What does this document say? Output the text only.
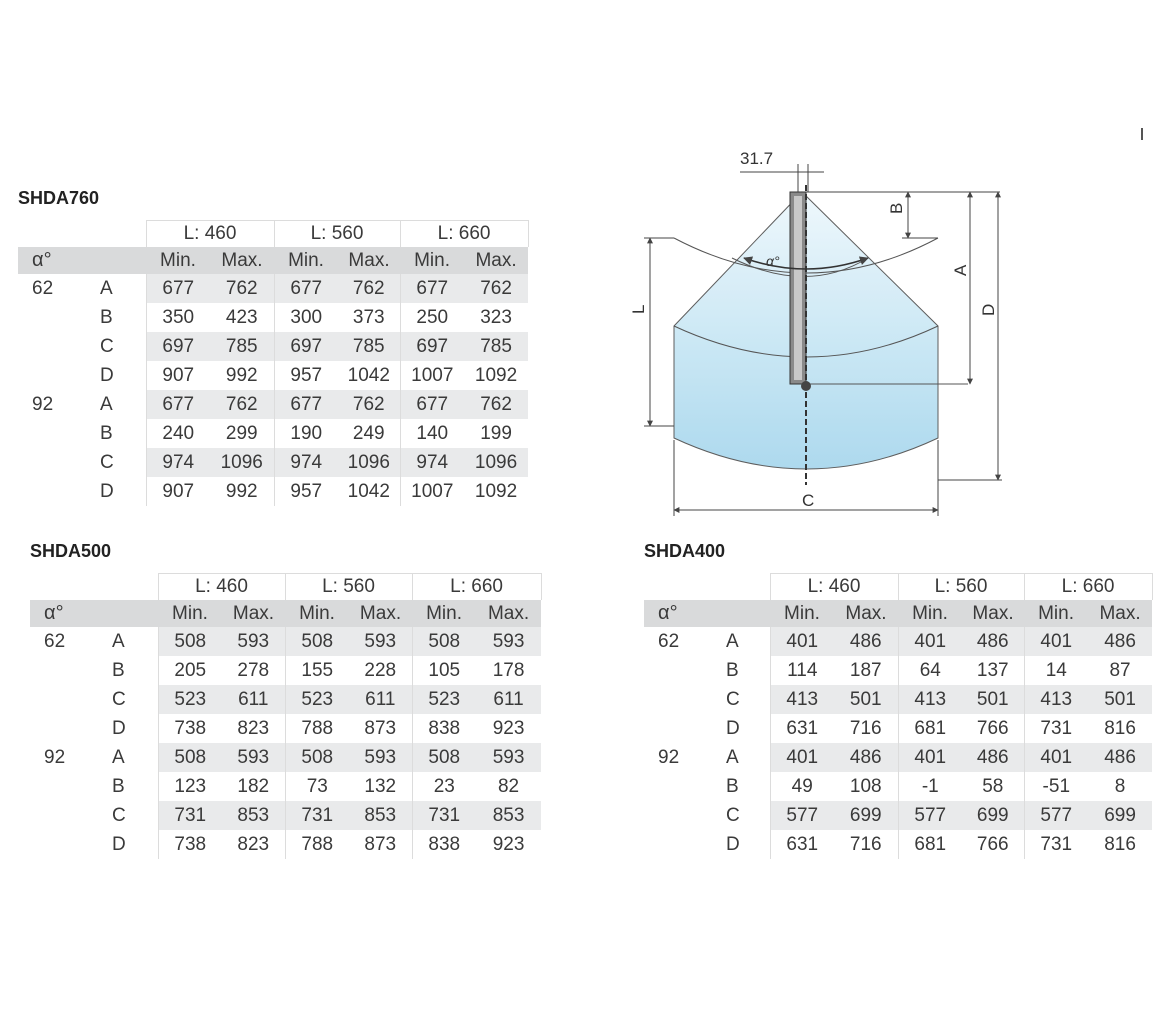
SHDA760
		L: 460		L: 560		L: 660	
α°		Min.	Max.	Min.	Max.	Min.	Max.
62	A	677	762	677	762	677	762
	B	350	423	300	373	250	323
	C	697	785	697	785	697	785
	D	907	992	957	1042	1007	1092
92	A	677	762	677	762	677	762
	B	240	299	190	249	140	199
	C	974	1096	974	1096	974	1096
	D	907	992	957	1042	1007	1092
SHDA500
		L: 460		L: 560		L: 660	
α°		Min.	Max.	Min.	Max.	Min.	Max.
62	A	508	593	508	593	508	593
	B	205	278	155	228	105	178
	C	523	611	523	611	523	611
	D	738	823	788	873	838	923
92	A	508	593	508	593	508	593
	B	123	182	73	132	23	82
	C	731	853	731	853	731	853
	D	738	823	788	873	838	923
SHDA400
		L: 460		L: 560		L: 660	
α°		Min.	Max.	Min.	Max.	Min.	Max.
62	A	401	486	401	486	401	486
	B	114	187	64	137	14	87
	C	413	501	413	501	413	501
	D	631	716	681	766	731	816
92	A	401	486	401	486	401	486
	B	49	108	-1	58	-51	8
	C	577	699	577	699	577	699
	D	631	716	681	766	731	816
31.7
B
A
D
L
C
α°
